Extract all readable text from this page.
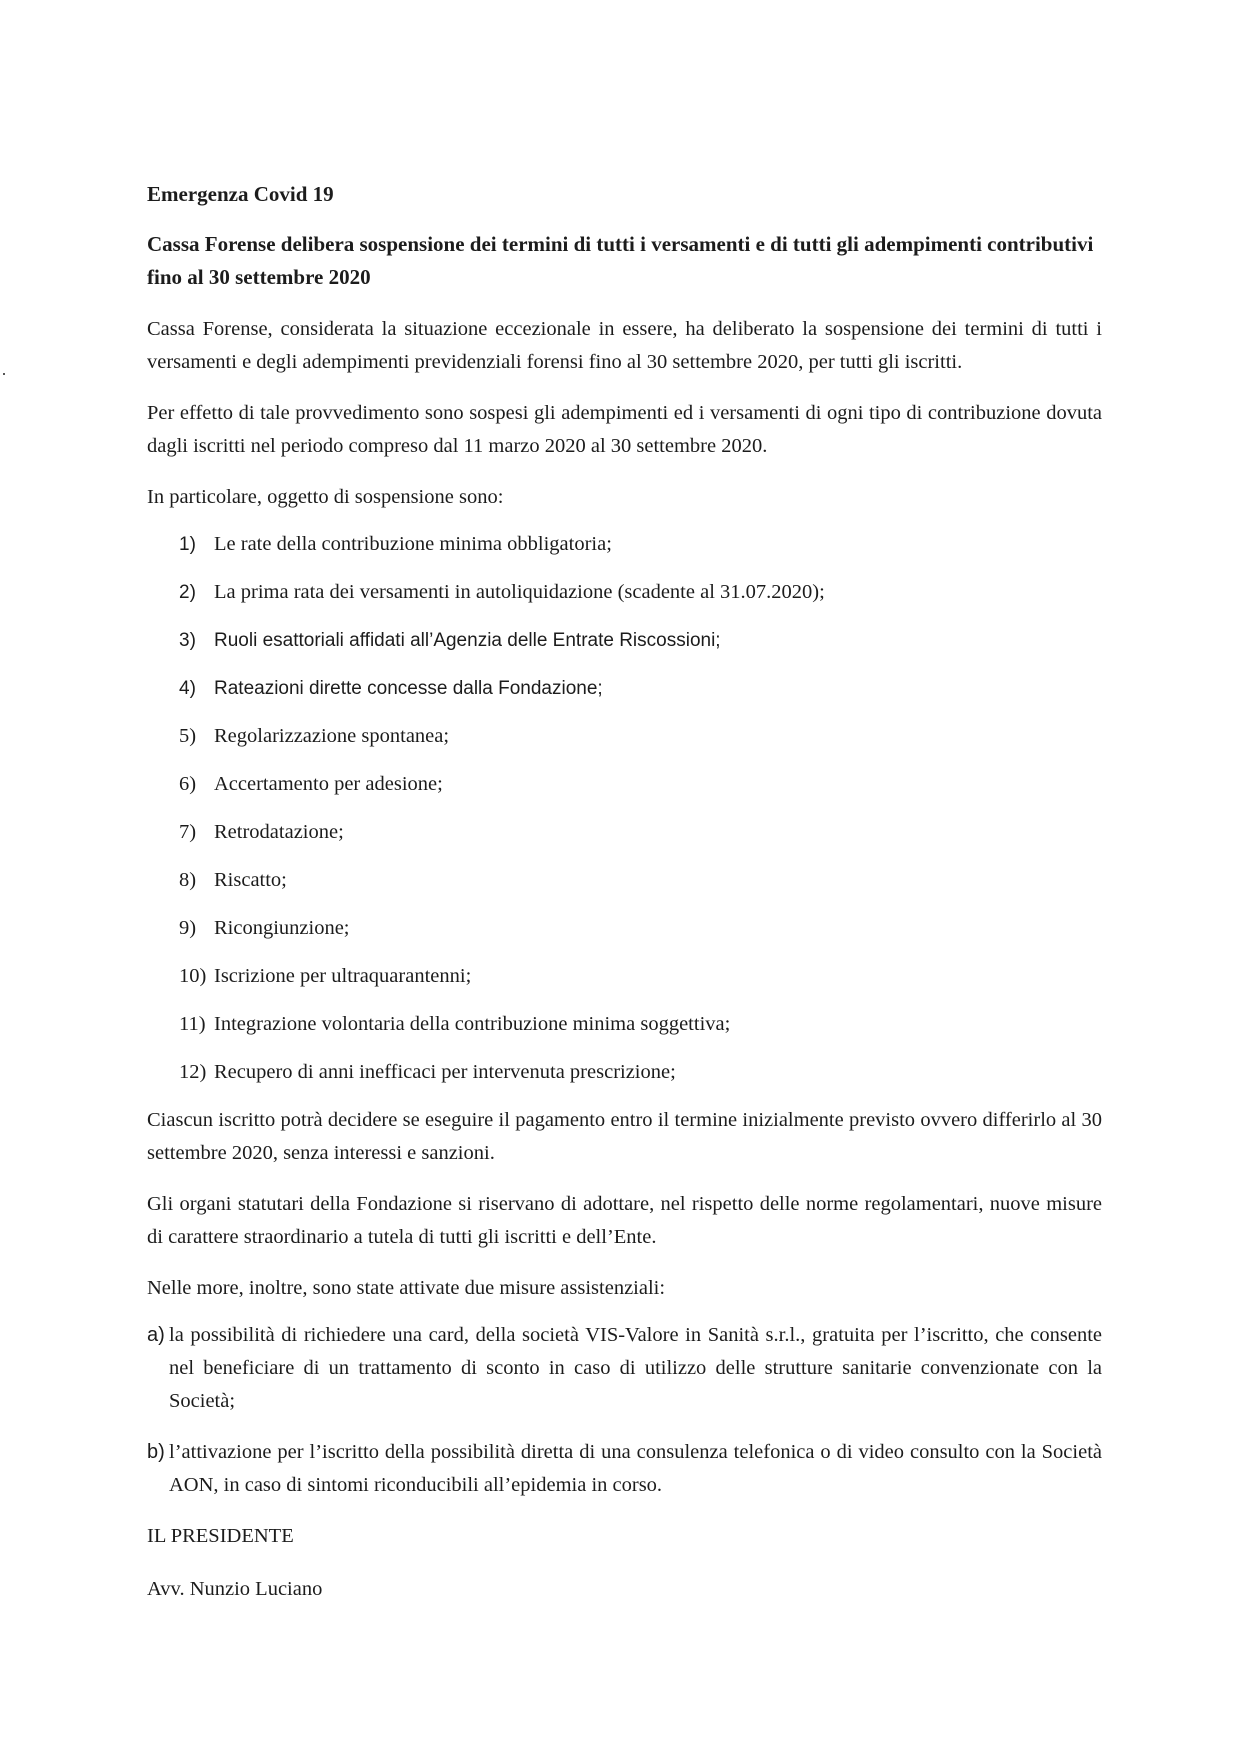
Emergenza Covid 19

Cassa Forense delibera sospensione dei termini di tutti i versamenti e di tutti gli adempimenti contributivi fino al 30 settembre 2020

Cassa Forense, considerata la situazione eccezionale in essere, ha deliberato la sospensione dei termini di tutti i versamenti e degli adempimenti previdenziali forensi fino al 30 settembre 2020, per tutti gli iscritti.

Per effetto di tale provvedimento sono sospesi gli adempimenti ed i versamenti di ogni tipo di contribuzione dovuta dagli iscritti nel periodo compreso dal 11 marzo 2020 al 30 settembre 2020.

In particolare, oggetto di sospensione sono:

1) Le rate della contribuzione minima obbligatoria;
2) La prima rata dei versamenti in autoliquidazione (scadente al 31.07.2020);
3) Ruoli esattoriali affidati all’Agenzia delle Entrate Riscossioni;
4) Rateazioni dirette concesse dalla Fondazione;
5) Regolarizzazione spontanea;
6) Accertamento per adesione;
7) Retrodatazione;
8) Riscatto;
9) Ricongiunzione;
10) Iscrizione per ultraquarantenni;
11) Integrazione volontaria della contribuzione minima soggettiva;
12) Recupero di anni inefficaci per intervenuta prescrizione;

Ciascun iscritto potrà decidere se eseguire il pagamento entro il termine inizialmente previsto ovvero differirlo al 30 settembre 2020, senza interessi e sanzioni.

Gli organi statutari della Fondazione si riservano di adottare, nel rispetto delle norme regolamentari, nuove misure di carattere straordinario a tutela di tutti gli iscritti e dell’Ente.

Nelle more, inoltre, sono state attivate due misure assistenziali:

a) la possibilità di richiedere una card, della società VIS-Valore in Sanità s.r.l., gratuita per l’iscritto, che consente nel beneficiare di un trattamento di sconto in caso di utilizzo delle strutture sanitarie convenzionate con la Società;
b) l’attivazione per l’iscritto della possibilità diretta di una consulenza telefonica o di video consulto con la Società AON, in caso di sintomi riconducibili all’epidemia in corso.

IL PRESIDENTE

Avv. Nunzio Luciano
